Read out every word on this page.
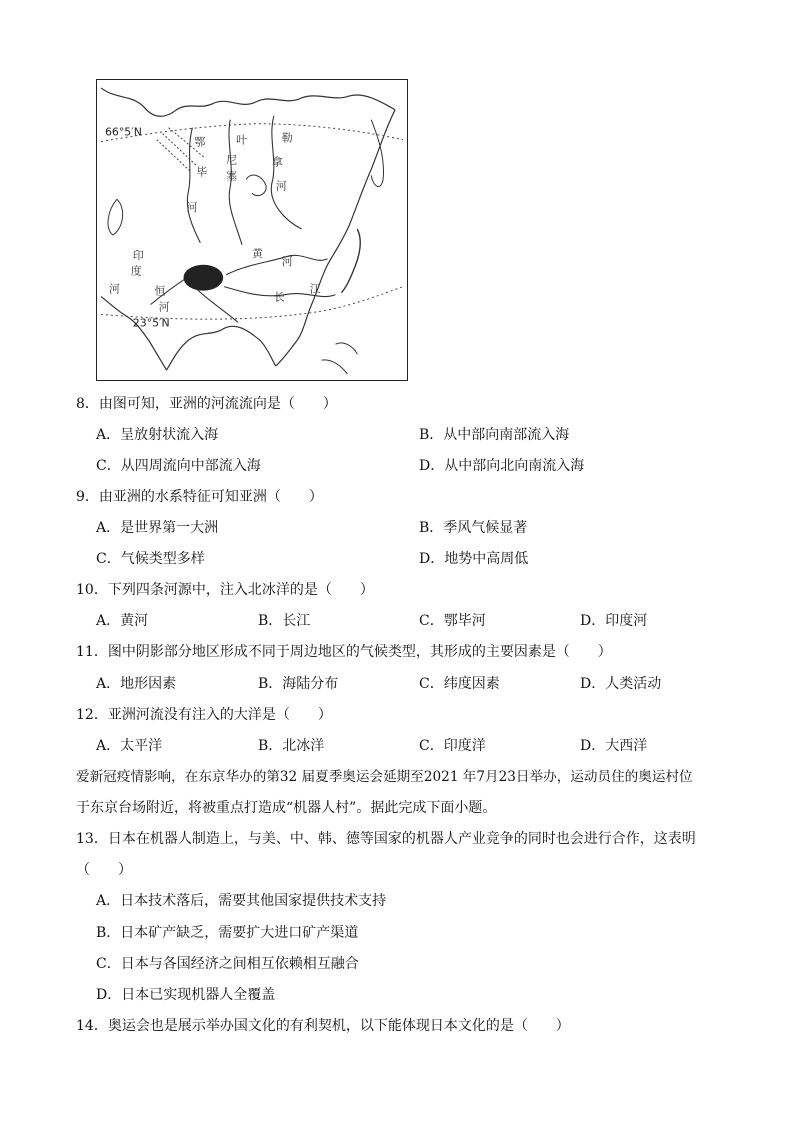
66°5′N
23°5′N
鄂
毕
河
叶
尼
塞
勒
拿
河
印
度
河	恒
河
黄
河
长
江
8．由图可知，亚洲的河流流向是（　　）
A．呈放射状流入海	B．从中部向南部流入海
C．从四周流向中部流入海	D．从中部向北向南流入海
9．由亚洲的水系特征可知亚洲（　　）
A．是世界第一大洲	B．季风气候显著
C．气候类型多样	D．地势中高周低
10．下列四条河源中，注入北冰洋的是（　　）
A．黄河	B．长江	C．鄂毕河	D．印度河
11．图中阴影部分地区形成不同于周边地区的气候类型，其形成的主要因素是（　　）
A．地形因素	B．海陆分布	C．纬度因素	D．人类活动
12．亚洲河流没有注入的大洋是（　　）
A．太平洋	B．北冰洋	C．印度洋	D．大西洋
爱新冠疫情影响，在东京华办的第32 届夏季奥运会延期至2021 年7月23日举办，运动员住的奥运村位
于东京台场附近，将被重点打造成“机器人村”。据此完成下面小题。
13．日本在机器人制造上，与美、中、韩、德等国家的机器人产业竞争的同时也会进行合作，这表明
（　　）
A．日本技术落后，需要其他国家提供技术支持
B．日本矿产缺乏，需要扩大进口矿产渠道
C．日本与各国经济之间相互依赖相互融合
D．日本已实现机器人全覆盖
14．奥运会也是展示举办国文化的有利契机，以下能体现日本文化的是（　　）
